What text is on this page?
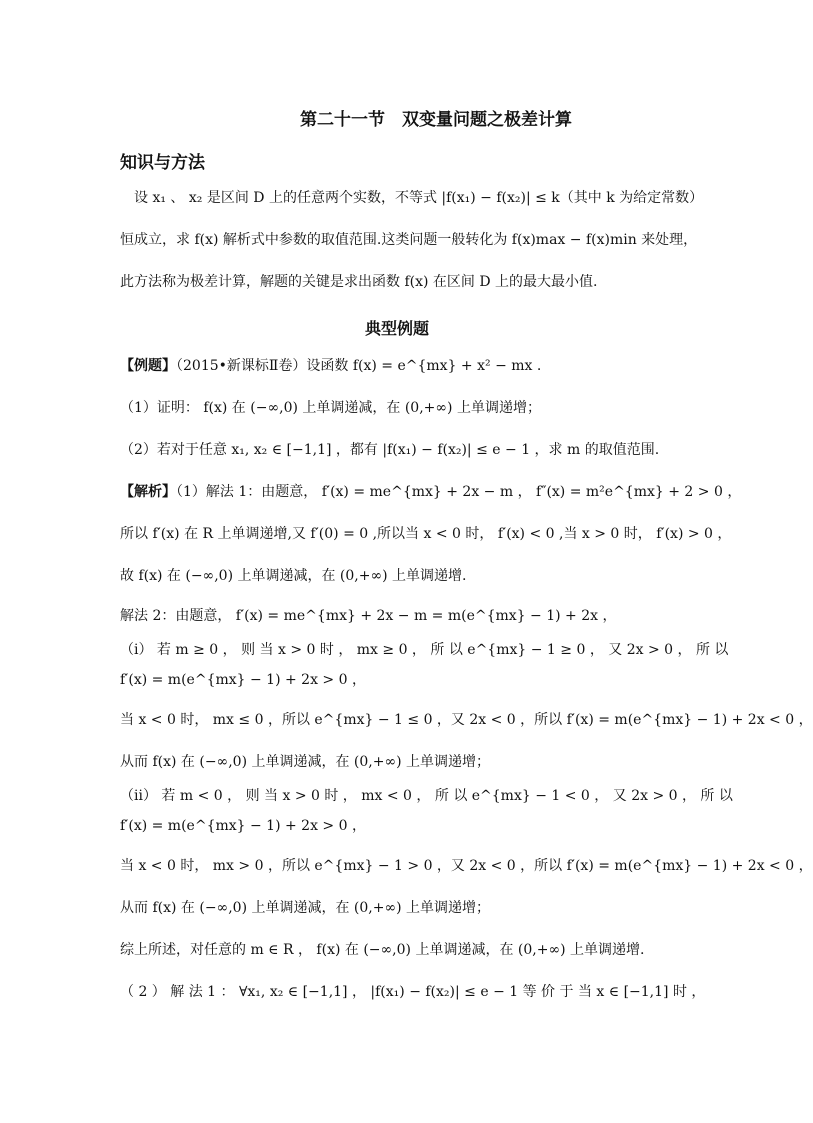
第二十一节　双变量问题之极差计算
知识与方法
　设 x₁ 、 x₂ 是区间 D 上的任意两个实数，不等式 |f(x₁) − f(x₂)| ≤ k（其中 k 为给定常数）
恒成立，求 f(x) 解析式中参数的取值范围.这类问题一般转化为 f(x)max − f(x)min 来处理，
此方法称为极差计算，解题的关键是求出函数 f(x) 在区间 D 上的最大最小值.
典型例题
【例题】（2015•新课标Ⅱ卷）设函数 f(x) = e^{mx} + x² − mx .
（1）证明： f(x) 在 (−∞,0) 上单调递减，在 (0,+∞) 上单调递增；
（2）若对于任意 x₁, x₂ ∈ [−1,1] ，都有 |f(x₁) − f(x₂)| ≤ e − 1 ，求 m 的取值范围.
【解析】（1）解法 1：由题意， f′(x) = me^{mx} + 2x − m ， f″(x) = m²e^{mx} + 2 > 0 ，
所以 f′(x) 在 R 上单调递增,又 f′(0) = 0 ,所以当 x < 0 时， f′(x) < 0 ,当 x > 0 时， f′(x) > 0 ，
故 f(x) 在 (−∞,0) 上单调递减，在 (0,+∞) 上单调递增.
解法 2：由题意， f′(x) = me^{mx} + 2x − m = m(e^{mx} − 1) + 2x ，
（ⅰ） 若 m ≥ 0 ， 则 当 x > 0 时 ， mx ≥ 0 ， 所 以 e^{mx} − 1 ≥ 0 ， 又 2x > 0 ， 所 以
f′(x) = m(e^{mx} − 1) + 2x > 0 ，
当 x < 0 时， mx ≤ 0 ，所以 e^{mx} − 1 ≤ 0 ，又 2x < 0 ，所以 f′(x) = m(e^{mx} − 1) + 2x < 0 ，
从而 f(x) 在 (−∞,0) 上单调递减，在 (0,+∞) 上单调递增；
（ⅱ） 若 m < 0 ， 则 当 x > 0 时 ， mx < 0 ， 所 以 e^{mx} − 1 < 0 ， 又 2x > 0 ， 所 以
f′(x) = m(e^{mx} − 1) + 2x > 0 ，
当 x < 0 时， mx > 0 ，所以 e^{mx} − 1 > 0 ，又 2x < 0 ，所以 f′(x) = m(e^{mx} − 1) + 2x < 0 ，
从而 f(x) 在 (−∞,0) 上单调递减，在 (0,+∞) 上单调递增；
综上所述，对任意的 m ∈ R ， f(x) 在 (−∞,0) 上单调递减，在 (0,+∞) 上单调递增.
（ 2 ） 解 法 1 ： ∀x₁, x₂ ∈ [−1,1] ， |f(x₁) − f(x₂)| ≤ e − 1 等 价 于 当 x ∈ [−1,1] 时 ，
